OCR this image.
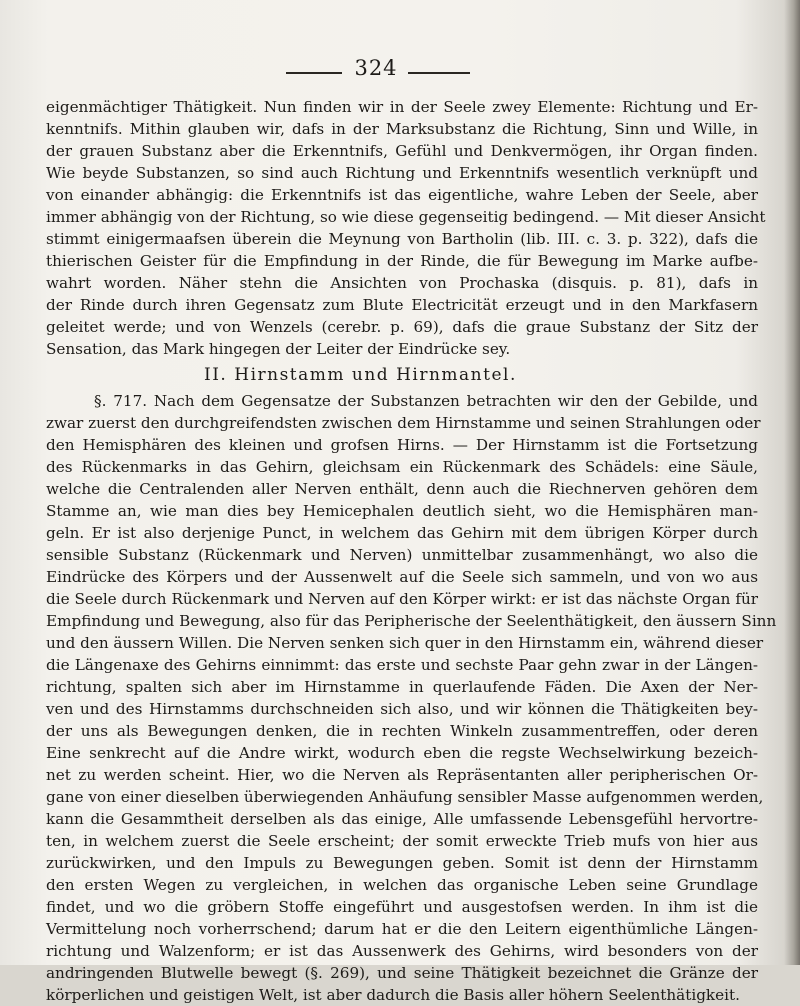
324
eigenmächtiger Thätigkeit. Nun finden wir in der Seele zwey Elemente: Richtung und Er-
kenntnifs. Mithin glauben wir, dafs in der Marksubstanz die Richtung, Sinn und Wille, in
der grauen Substanz aber die Erkenntnifs, Gefühl und Denkvermögen, ihr Organ finden.
Wie beyde Substanzen, so sind auch Richtung und Erkenntnifs wesentlich verknüpft und
von einander abhängig: die Erkenntnifs ist das eigentliche, wahre Leben der Seele, aber
immer abhängig von der Richtung, so wie diese gegenseitig bedingend. — Mit dieser Ansicht
stimmt einigermaafsen überein die Meynung von Bartholin (lib. III. c. 3. p. 322), dafs die
thierischen Geister für die Empfindung in der Rinde, die für Bewegung im Marke aufbe-
wahrt worden. Näher stehn die Ansichten von Prochaska (disquis. p. 81), dafs in
der Rinde durch ihren Gegensatz zum Blute Electricität erzeugt und in den Markfasern
geleitet werde; und von Wenzels (cerebr. p. 69), dafs die graue Substanz der Sitz der
Sensation, das Mark hingegen der Leiter der Eindrücke sey.
II. Hirnstamm und Hirnmantel.
§. 717. Nach dem Gegensatze der Substanzen betrachten wir den der Gebilde, und
zwar zuerst den durchgreifendsten zwischen dem Hirnstamme und seinen Strahlungen oder
den Hemisphären des kleinen und grofsen Hirns. — Der Hirnstamm ist die Fortsetzung
des Rückenmarks in das Gehirn, gleichsam ein Rückenmark des Schädels: eine Säule,
welche die Centralenden aller Nerven enthält, denn auch die Riechnerven gehören dem
Stamme an, wie man dies bey Hemicephalen deutlich sieht, wo die Hemisphären man-
geln. Er ist also derjenige Punct, in welchem das Gehirn mit dem übrigen Körper durch
sensible Substanz (Rückenmark und Nerven) unmittelbar zusammenhängt, wo also die
Eindrücke des Körpers und der Aussenwelt auf die Seele sich sammeln, und von wo aus
die Seele durch Rückenmark und Nerven auf den Körper wirkt: er ist das nächste Organ für
Empfindung und Bewegung, also für das Peripherische der Seelenthätigkeit, den äussern Sinn
und den äussern Willen. Die Nerven senken sich quer in den Hirnstamm ein, während dieser
die Längenaxe des Gehirns einnimmt: das erste und sechste Paar gehn zwar in der Längen-
richtung, spalten sich aber im Hirnstamme in querlaufende Fäden. Die Axen der Ner-
ven und des Hirnstamms durchschneiden sich also, und wir können die Thätigkeiten bey-
der uns als Bewegungen denken, die in rechten Winkeln zusammentreffen, oder deren
Eine senkrecht auf die Andre wirkt, wodurch eben die regste Wechselwirkung bezeich-
net zu werden scheint. Hier, wo die Nerven als Repräsentanten aller peripherischen Or-
gane von einer dieselben überwiegenden Anhäufung sensibler Masse aufgenommen werden,
kann die Gesammtheit derselben als das einige, Alle umfassende Lebensgefühl hervortre-
ten, in welchem zuerst die Seele erscheint; der somit erweckte Trieb mufs von hier aus
zurückwirken, und den Impuls zu Bewegungen geben. Somit ist denn der Hirnstamm
den ersten Wegen zu vergleichen, in welchen das organische Leben seine Grundlage
findet, und wo die gröbern Stoffe eingeführt und ausgestofsen werden. In ihm ist die
Vermittelung noch vorherrschend; darum hat er die den Leitern eigenthümliche Längen-
richtung und Walzenform; er ist das Aussenwerk des Gehirns, wird besonders von der
andringenden Blutwelle bewegt (§. 269), und seine Thätigkeit bezeichnet die Gränze der
körperlichen und geistigen Welt, ist aber dadurch die Basis aller höhern Seelenthätigkeit.
